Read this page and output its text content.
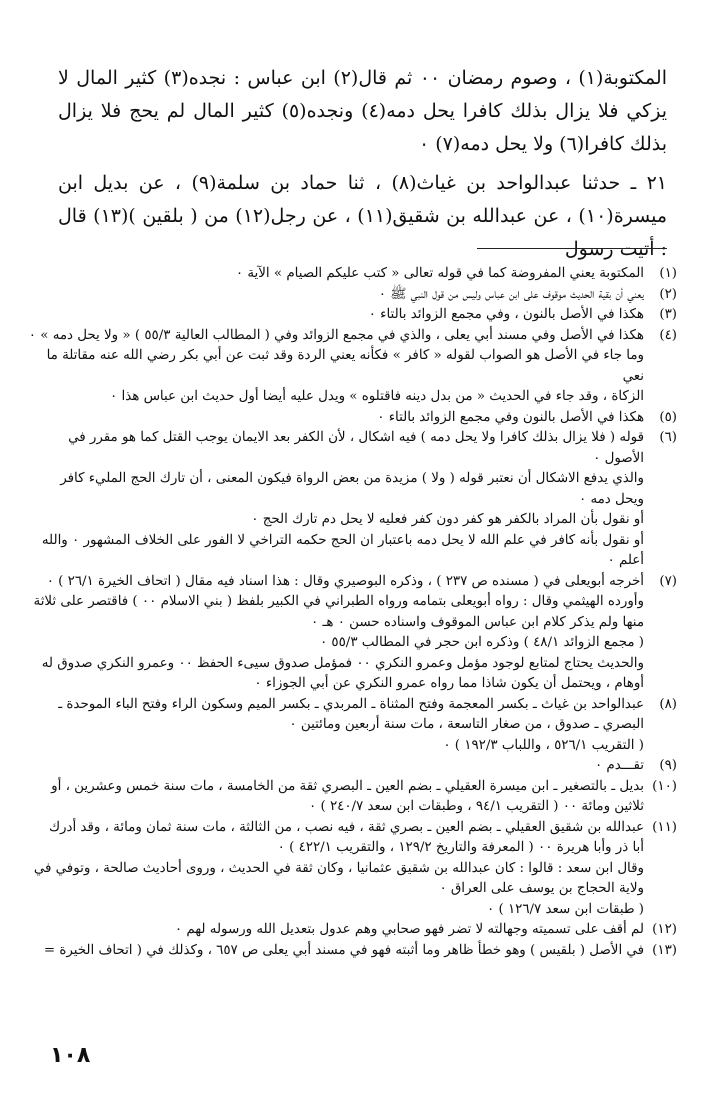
المكتوبة(١) ، وصوم رمضان ٠٠ ثم قال(٢) ابن عباس : نجده(٣) كثير المال لا يزكي فلا يزال بذلك كافرا يحل دمه(٤) ونجده(٥) كثير المال لم يحج فلا يزال بذلك كافرا(٦) ولا يحل دمه(٧) ٠

٢١ ـ حدثنا عبدالواحد بن غياث(٨) ، ثنا حماد بن سلمة(٩) ، عن بديل ابن ميسرة(١٠) ، عن عبدالله بن شقيق(١١) ، عن رجل(١٢) من ( بلقين )(١٣) قال : أتيت رسول

(١)
المكتوبة يعني المفروضة كما في قوله تعالى « كتب عليكم الصيام » الآية ٠
(٢)
يعني أن بقية الحديث موقوف على ابن عباس وليس من قول النبي ﷺ ٠
(٣)
هكذا في الأصل بالنون ، وفي مجمع الزوائد بالتاء ٠
(٤)
هكذا في الأصل وفي مسند أبي يعلى ، والذي في مجمع الزوائد وفي ( المطالب العالية ٥٥/٣ ) « ولا يحل دمه » ٠
وما جاء في الأصل هو الصواب لقوله « كافر » فكأنه يعني الردة وقد ثبت عن أبي بكر رضي الله عنه مقاتلة ما نعي
الزكاة ، وقد جاء في الحديث « من بدل دينه فاقتلوه » ويدل عليه أيضا أول حديث ابن عباس هذا ٠
(٥)
هكذا في الأصل بالنون وفي مجمع الزوائد بالتاء ٠
(٦)
قوله ( فلا يزال بذلك كافرا ولا يحل دمه ) فيه اشكال ، لأن الكفر بعد الايمان يوجب القتل كما هو مقرر في الأصول ٠
والذي يدفع الاشكال أن نعتبر قوله ( ولا ) مزيدة من بعض الرواة فيكون المعنى ، أن تارك الحج المليء كافر ويحل دمه ٠
أو نقول بأن المراد بالكفر هو كفر دون كفر فعليه لا يحل دم تارك الحج ٠
أو نقول بأنه كافر في علم الله لا يحل دمه باعتبار ان الحج حكمه التراخي لا الفور على الخلاف المشهور ٠ والله أعلم ٠
(٧)
أخرجه أبويعلى في ( مسنده ص ٢٣٧ ) ، وذكره البوصيري وقال : هذا اسناد فيه مقال ( اتحاف الخيرة ٢٦/١ ) ٠
وأورده الهيثمي وقال : رواه أبويعلى بتمامه ورواه الطبراني في الكبير بلفظ ( بني الاسلام ٠٠ ) فاقتصر على ثلاثة
منها ولم يذكر كلام ابن عباس الموقوف واسناده حسن ٠ هـ ٠
( مجمع الزوائد ٤٨/١ ) وذكره ابن حجر في المطالب ٥٥/٣ ٠
والحديث يحتاج لمتابع لوجود مؤمل وعمرو النكري ٠٠ فمؤمل صدوق سيىء الحفظ ٠٠ وعمرو النكري صدوق له
أوهام ، ويحتمل أن يكون شاذا مما رواه عمرو النكري عن أبي الجوزاء ٠
(٨)
عبدالواحد بن غياث ـ بكسر المعجمة وفتح المثناة ـ المربدي ـ بكسر الميم وسكون الراء وفتح الباء الموحدة ـ
البصري ـ صدوق ، من صغار التاسعة ، مات سنة أربعين ومائتين ٠
( التقريب ٥٢٦/١ ، واللباب ١٩٢/٣ ) ٠
(٩)
تقـــدم ٠
(١٠)
بديل ـ بالتصغير ـ ابن ميسرة العقيلي ـ بضم العين ـ البصري ثقة من الخامسة ، مات سنة خمس وعشرين ، أو
ثلاثين ومائة ٠٠ ( التقريب ٩٤/١ ، وطبقات ابن سعد ٢٤٠/٧ ) ٠
(١١)
عبدالله بن شقيق العقيلي ـ بضم العين ـ بصري ثقة ، فيه نصب ، من الثالثة ، مات سنة ثمان ومائة ، وقد أدرك
أبا ذر وأبا هريرة ٠٠ ( المعرفة والتاريخ ١٢٩/٢ ، والتقريب ٤٢٢/١ ) ٠
وقال ابن سعد : قالوا : كان عبدالله بن شقيق عثمانيا ، وكان ثقة في الحديث ، وروى أحاديث صالحة ، وتوفي في
ولاية الحجاج بن يوسف على العراق ٠
( طبقات ابن سعد ١٢٦/٧ ) ٠
(١٢)
لم أقف على تسميته وجهالته لا تضر فهو صحابي وهم عدول بتعديل الله ورسوله لهم ٠
(١٣)
في الأصل ( بلقيس ) وهو خطأ ظاهر وما أثبته فهو في مسند أبي يعلى ص ٦٥٧ ، وكذلك في ( اتحاف الخيرة =
١٠٨
